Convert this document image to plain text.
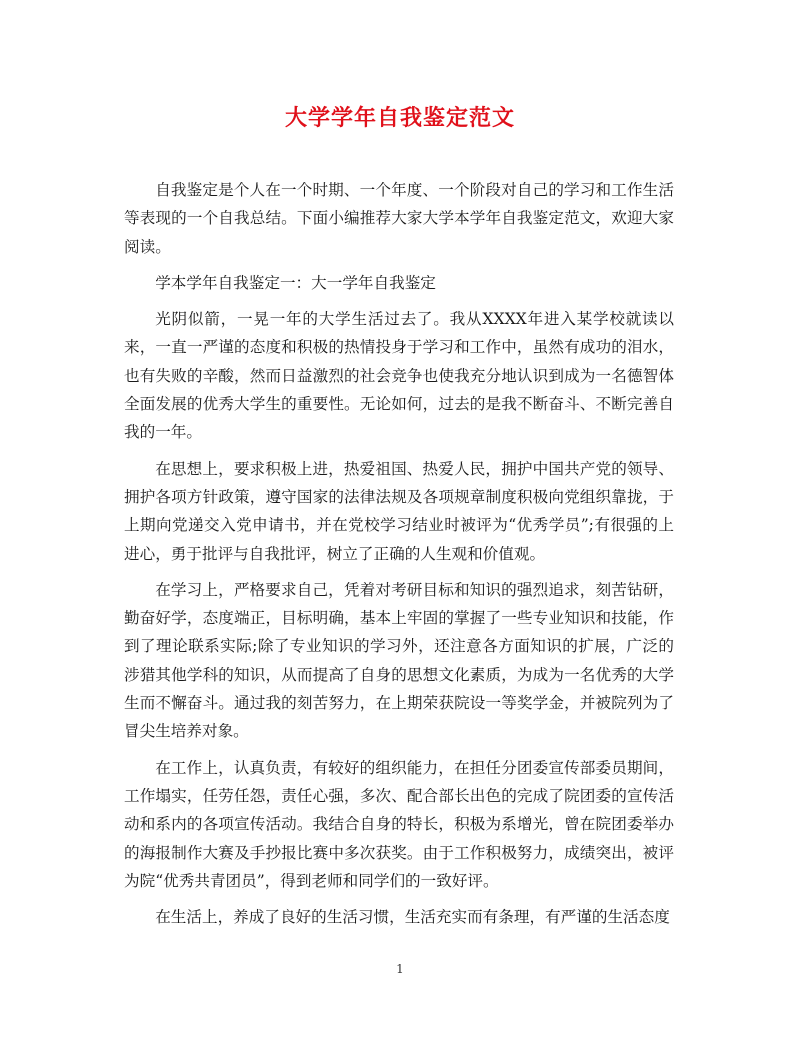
大学学年自我鉴定范文

自我鉴定是个人在一个时期、一个年度、一个阶段对自己的学习和工作生活等表现的一个自我总结。下面小编推荐大家大学本学年自我鉴定范文，欢迎大家阅读。

学本学年自我鉴定一：大一学年自我鉴定

光阴似箭，一晃一年的大学生活过去了。我从XXXX年进入某学校就读以来，一直一严谨的态度和积极的热情投身于学习和工作中，虽然有成功的泪水，也有失败的辛酸，然而日益激烈的社会竞争也使我充分地认识到成为一名德智体全面发展的优秀大学生的重要性。无论如何，过去的是我不断奋斗、不断完善自我的一年。

在思想上，要求积极上进，热爱祖国、热爱人民，拥护中国共产党的领导、拥护各项方针政策，遵守国家的法律法规及各项规章制度积极向党组织靠拢，于上期向党递交入党申请书，并在党校学习结业时被评为“优秀学员”;有很强的上进心，勇于批评与自我批评，树立了正确的人生观和价值观。

在学习上，严格要求自己，凭着对考研目标和知识的强烈追求，刻苦钻研，勤奋好学，态度端正，目标明确，基本上牢固的掌握了一些专业知识和技能，作到了理论联系实际;除了专业知识的学习外，还注意各方面知识的扩展，广泛的涉猎其他学科的知识，从而提高了自身的思想文化素质，为成为一名优秀的大学生而不懈奋斗。通过我的刻苦努力，在上期荣获院设一等奖学金，并被院列为了冒尖生培养对象。

在工作上，认真负责，有较好的组织能力，在担任分团委宣传部委员期间，工作塌实，任劳任怨，责任心强，多次、配合部长出色的完成了院团委的宣传活动和系内的各项宣传活动。我结合自身的特长，积极为系增光，曾在院团委举办的海报制作大赛及手抄报比赛中多次获奖。由于工作积极努力，成绩突出，被评为院“优秀共青团员”，得到老师和同学们的一致好评。

在生活上，养成了良好的生活习惯，生活充实而有条理，有严谨的生活态度

1
